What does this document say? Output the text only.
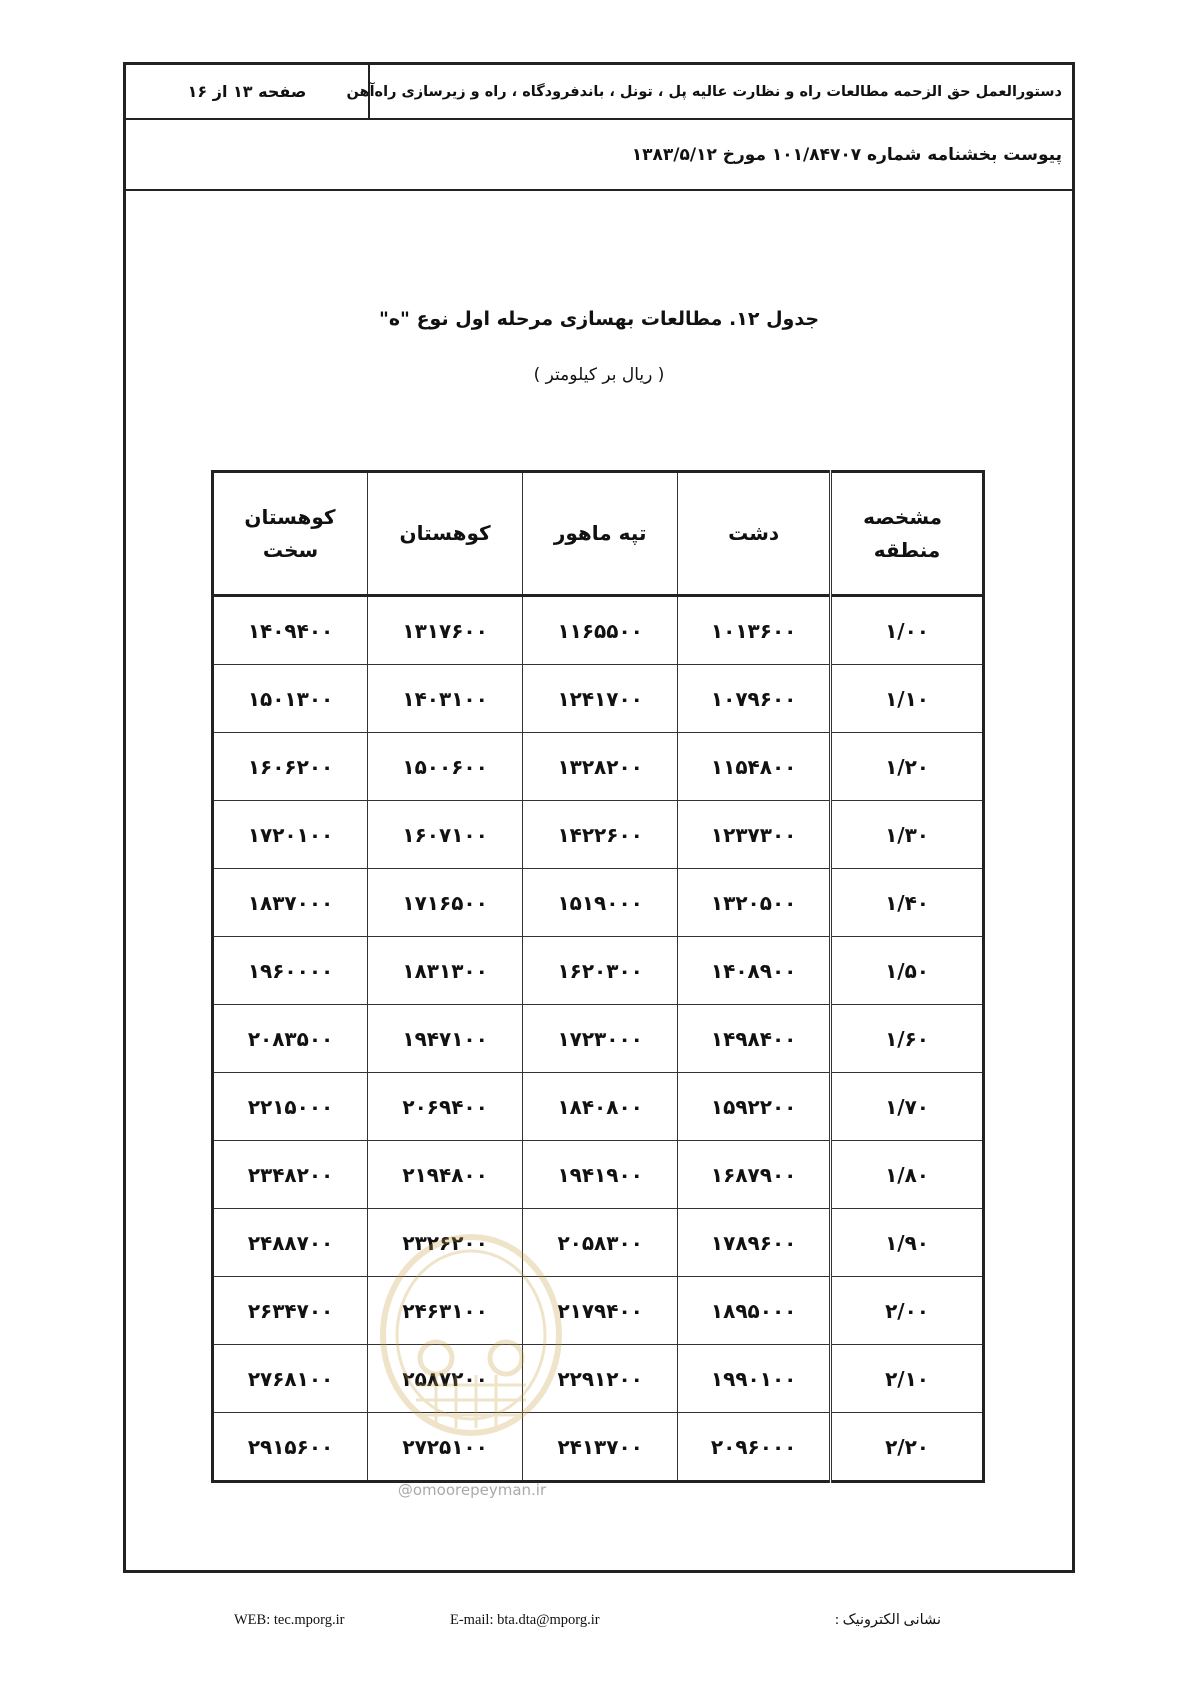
صفحه ۱۳ از ۱۶	دستورالعمل حق الزحمه مطالعات راه و نظارت عالیه پل ، تونل ، باندفرودگاه ، راه و زیرسازی راه‌آهن
پیوست بخشنامه شماره ۱۰۱/۸۴۷۰۷ مورخ ۱۳۸۳/۵/۱۲
جدول ۱۲. مطالعات بهسازی مرحله اول نوع "ه"
( ریال بر کیلومتر )
مشخصه منطقه	دشت	تپه ماهور	کوهستان	کوهستان سخت
۱/۰۰	۱۰۱۳۶۰۰	۱۱۶۵۵۰۰	۱۳۱۷۶۰۰	۱۴۰۹۴۰۰
۱/۱۰	۱۰۷۹۶۰۰	۱۲۴۱۷۰۰	۱۴۰۳۱۰۰	۱۵۰۱۳۰۰
۱/۲۰	۱۱۵۴۸۰۰	۱۳۲۸۲۰۰	۱۵۰۰۶۰۰	۱۶۰۶۲۰۰
۱/۳۰	۱۲۳۷۳۰۰	۱۴۲۲۶۰۰	۱۶۰۷۱۰۰	۱۷۲۰۱۰۰
۱/۴۰	۱۳۲۰۵۰۰	۱۵۱۹۰۰۰	۱۷۱۶۵۰۰	۱۸۳۷۰۰۰
۱/۵۰	۱۴۰۸۹۰۰	۱۶۲۰۳۰۰	۱۸۳۱۳۰۰	۱۹۶۰۰۰۰
۱/۶۰	۱۴۹۸۴۰۰	۱۷۲۳۰۰۰	۱۹۴۷۱۰۰	۲۰۸۳۵۰۰
۱/۷۰	۱۵۹۲۲۰۰	۱۸۴۰۸۰۰	۲۰۶۹۴۰۰	۲۲۱۵۰۰۰
۱/۸۰	۱۶۸۷۹۰۰	۱۹۴۱۹۰۰	۲۱۹۴۸۰۰	۲۳۴۸۲۰۰
۱/۹۰	۱۷۸۹۶۰۰	۲۰۵۸۳۰۰	۲۳۲۶۲۰۰	۲۴۸۸۷۰۰
۲/۰۰	۱۸۹۵۰۰۰	۲۱۷۹۴۰۰	۲۴۶۳۱۰۰	۲۶۳۴۷۰۰
۲/۱۰	۱۹۹۰۱۰۰	۲۲۹۱۲۰۰	۲۵۸۷۲۰۰	۲۷۶۸۱۰۰
۲/۲۰	۲۰۹۶۰۰۰	۲۴۱۳۷۰۰	۲۷۲۵۱۰۰	۲۹۱۵۶۰۰
@omoorepeyman.ir
WEB: tec.mporg.ir	E-mail: bta.dta@mporg.ir	نشانی الکترونیک :
